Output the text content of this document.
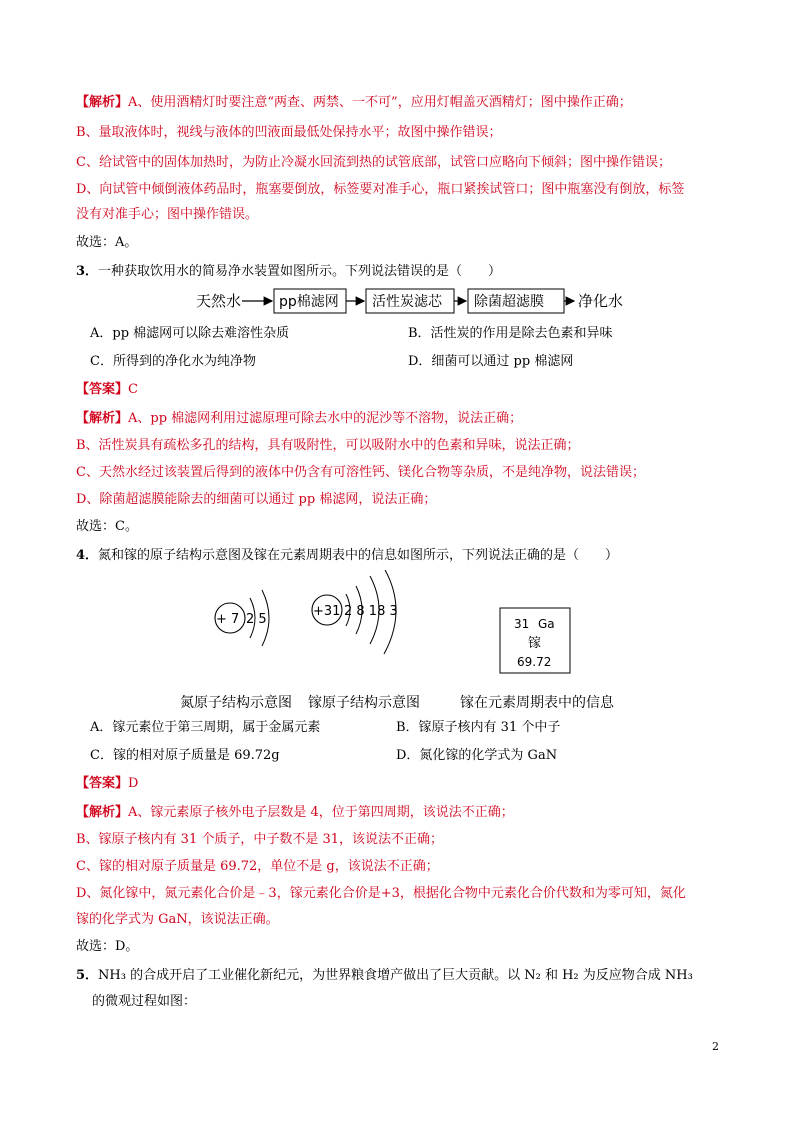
【解析】A、使用酒精灯时要注意“两查、两禁、一不可”，应用灯帽盖灭酒精灯；图中操作正确；
B、量取液体时，视线与液体的凹液面最低处保持水平；故图中操作错误；
C、给试管中的固体加热时，为防止冷凝水回流到热的试管底部，试管口应略向下倾斜；图中操作错误；
D、向试管中倾倒液体药品时，瓶塞要倒放，标签要对准手心，瓶口紧挨试管口；图中瓶塞没有倒放，标签
没有对准手心；图中操作错误。
故选：A。
3．一种获取饮用水的简易净水装置如图所示。下列说法错误的是（　　）
天然水	pp棉滤网 活性炭滤芯 除菌超滤膜 净化水
A．pp 棉滤网可以除去难溶性杂质	B．活性炭的作用是除去色素和异味
C．所得到的净化水为纯净物	D．细菌可以通过 pp 棉滤网
【答案】C
【解析】A、pp 棉滤网利用过滤原理可除去水中的泥沙等不溶物，说法正确；
B、活性炭具有疏松多孔的结构，具有吸附性，可以吸附水中的色素和异味，说法正确；
C、天然水经过该装置后得到的液体中仍含有可溶性钙、镁化合物等杂质，不是纯净物，说法错误；
D、除菌超滤膜能除去的细菌可以通过 pp 棉滤网，说法正确；
故选：C。
4．氮和镓的原子结构示意图及镓在元素周期表中的信息如图所示，下列说法正确的是（　　）
+ 7 2 5
氮原子结构示意图
+31 2 8 18 3
镓原子结构示意图
31 Ga
镓
69.72
镓在元素周期表中的信息
A．镓元素位于第三周期，属于金属元素	B．镓原子核内有 31 个中子
C．镓的相对原子质量是 69.72g	D．氮化镓的化学式为 GaN
【答案】D
【解析】A、镓元素原子核外电子层数是 4，位于第四周期，该说法不正确；
B、镓原子核内有 31 个质子，中子数不是 31，该说法不正确；
C、镓的相对原子质量是 69.72，单位不是 g，该说法不正确；
D、氮化镓中，氮元素化合价是﹣3，镓元素化合价是+3，根据化合物中元素化合价代数和为零可知，氮化
镓的化学式为 GaN，该说法正确。
故选：D。
5．NH₃ 的合成开启了工业催化新纪元，为世界粮食增产做出了巨大贡献。以 N₂ 和 H₂ 为反应物合成 NH₃
的微观过程如图：
2
